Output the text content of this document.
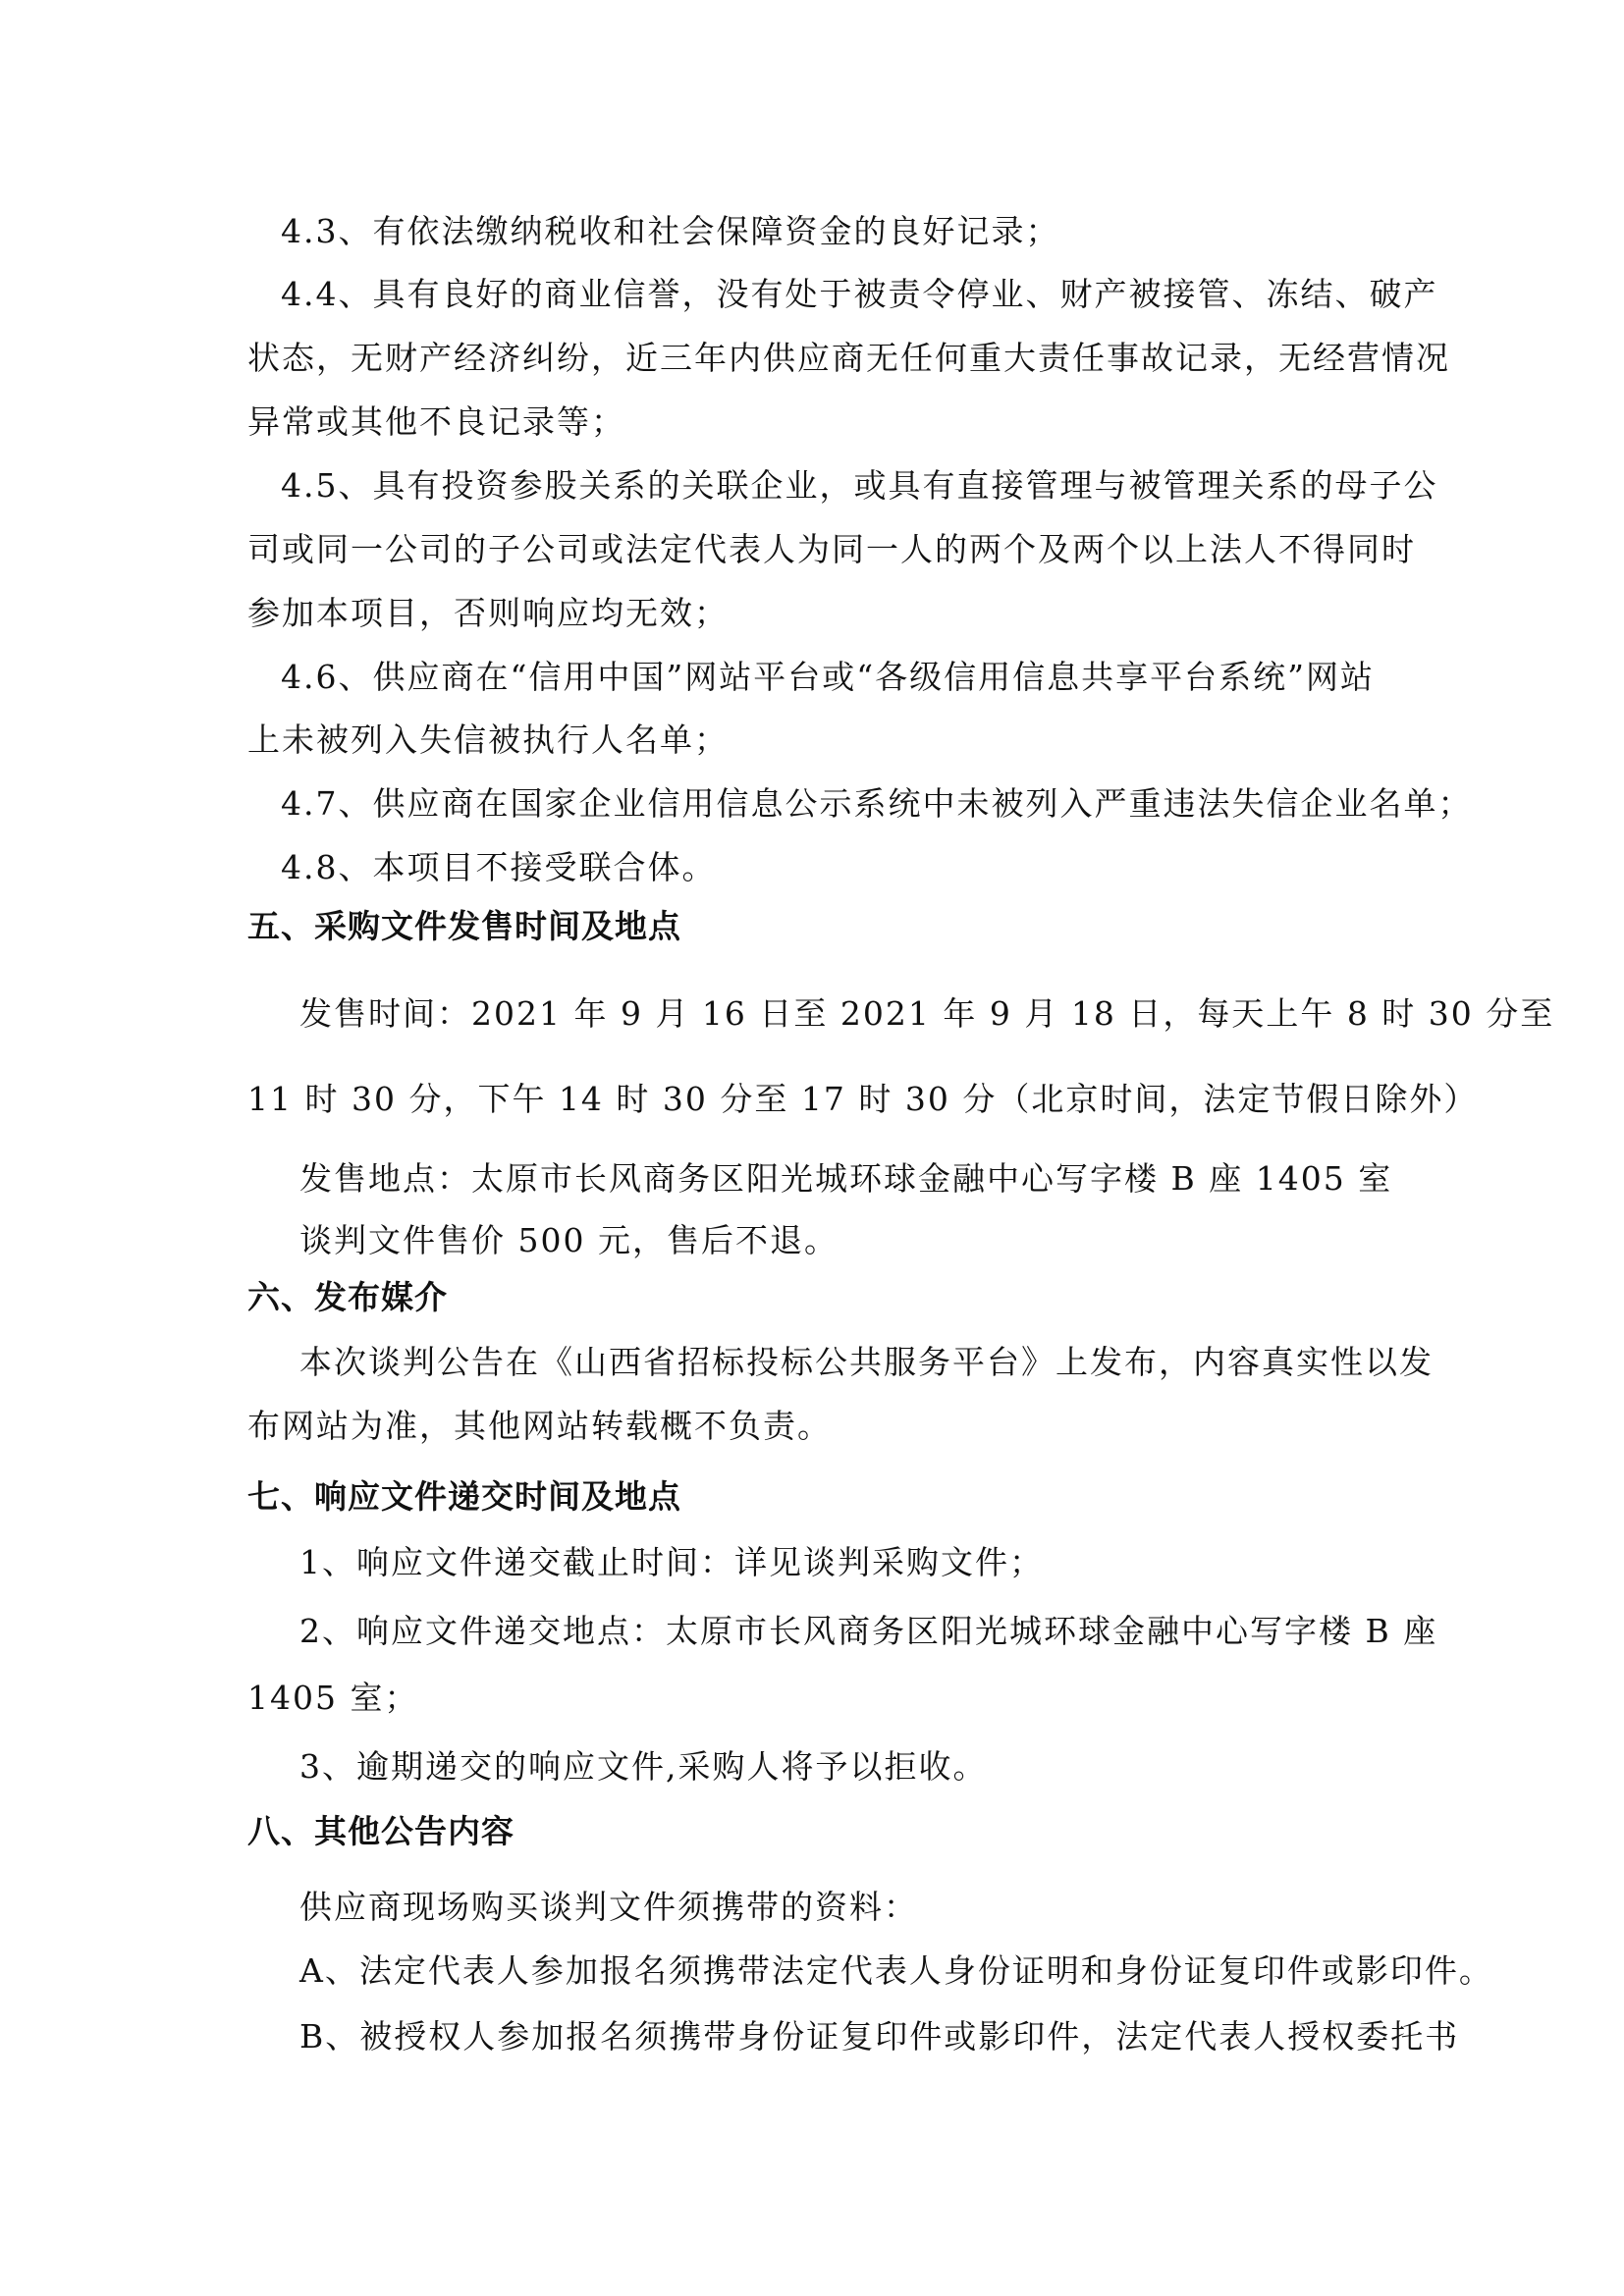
4.3、有依法缴纳税收和社会保障资金的良好记录；
4.4、具有良好的商业信誉，没有处于被责令停业、财产被接管、冻结、破产
状态，无财产经济纠纷，近三年内供应商无任何重大责任事故记录，无经营情况
异常或其他不良记录等；
4.5、具有投资参股关系的关联企业，或具有直接管理与被管理关系的母子公
司或同一公司的子公司或法定代表人为同一人的两个及两个以上法人不得同时
参加本项目，否则响应均无效；
4.6、供应商在“信用中国”网站平台或“各级信用信息共享平台系统”网站
上未被列入失信被执行人名单；
4.7、供应商在国家企业信用信息公示系统中未被列入严重违法失信企业名单；
4.8、本项目不接受联合体。
五、采购文件发售时间及地点
发售时间：2021 年 9 月 16 日至 2021 年 9 月 18 日，每天上午 8 时 30 分至
11 时 30 分，下午 14 时 30 分至 17 时 30 分（北京时间，法定节假日除外）
发售地点：太原市长风商务区阳光城环球金融中心写字楼 B 座 1405 室
谈判文件售价 500 元，售后不退。
六、发布媒介
本次谈判公告在《山西省招标投标公共服务平台》上发布，内容真实性以发
布网站为准，其他网站转载概不负责。
七、响应文件递交时间及地点
1、响应文件递交截止时间：详见谈判采购文件；
2、响应文件递交地点：太原市长风商务区阳光城环球金融中心写字楼 B 座
1405 室；
3、逾期递交的响应文件,采购人将予以拒收。
八、其他公告内容
供应商现场购买谈判文件须携带的资料：
A、法定代表人参加报名须携带法定代表人身份证明和身份证复印件或影印件。
B、被授权人参加报名须携带身份证复印件或影印件，法定代表人授权委托书
